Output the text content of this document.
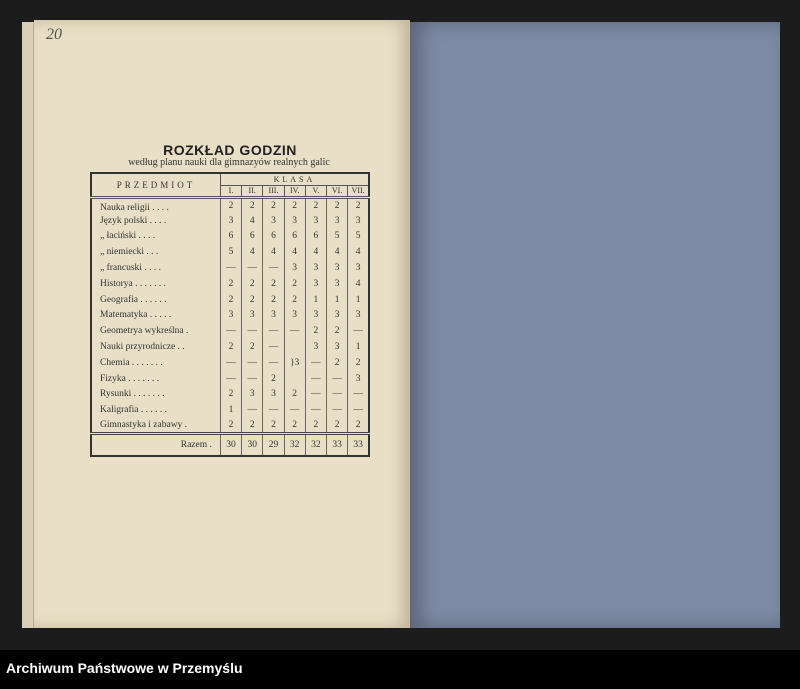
20
ROZKŁAD GODZIN
według planu nauki dla gimnazyów realnych galic
PRZEDMIOT	KLASA						
	I.	II.	III.	IV.	V.	VI.	VII.
Nauka religii . . . .	2	2	2	2	2	2	2
Język polski . . . .	3	4	3	3	3	3	3
„ łaciński . . . .	6	6	6	6	6	5	5
„ niemiecki . . .	5	4	4	4	4	4	4
„ francuski . . . .	—	—	—	3	3	3	3
Historya . . . . . . .	2	2	2	2	3	3	4
Geografia . . . . . .	2	2	2	2	1	1	1
Matematyka . . . . .	3	3	3	3	3	3	3
Geometrya wykreślna .	—	—	—	—	2	2	—
Nauki przyrodnicze . .	2	2	—		3	3	1
Chemia . . . . . . .	—	—	—	}3	—	2	2
Fizyka . . . . . . .	—	—	2		—	—	3
Rysunki . . . . . . .	2	3	3	2	—	—	—
Kaligrafia . . . . . .	1	—	—	—	—	—	—
Gimnastyka i zabawy .	2	2	2	2	2	2	2
Razem .	30	30	29	32	32	33	33
Archiwum Państwowe w Przemyślu
